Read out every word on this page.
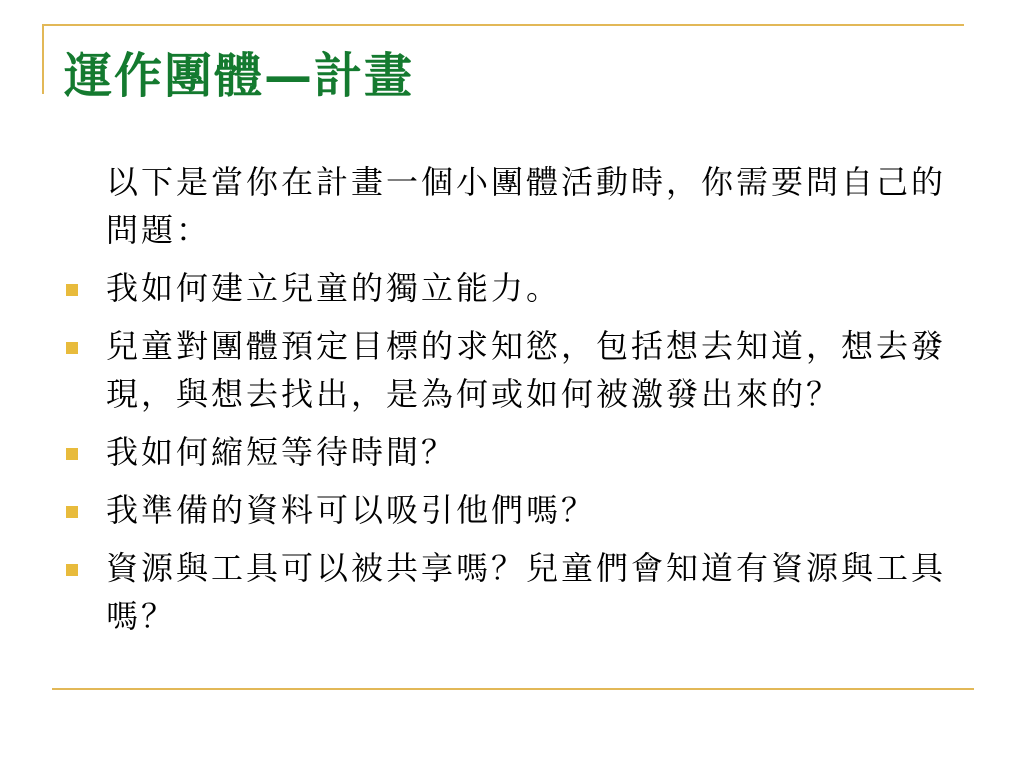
運作團體—計畫
以下是當你在計畫一個小團體活動時，你需要問自己的問題：
我如何建立兒童的獨立能力。
兒童對團體預定目標的求知慾，包括想去知道，想去發現，與想去找出，是為何或如何被激發出來的？
我如何縮短等待時間？
我準備的資料可以吸引他們嗎？
資源與工具可以被共享嗎？兒童們會知道有資源與工具嗎？
